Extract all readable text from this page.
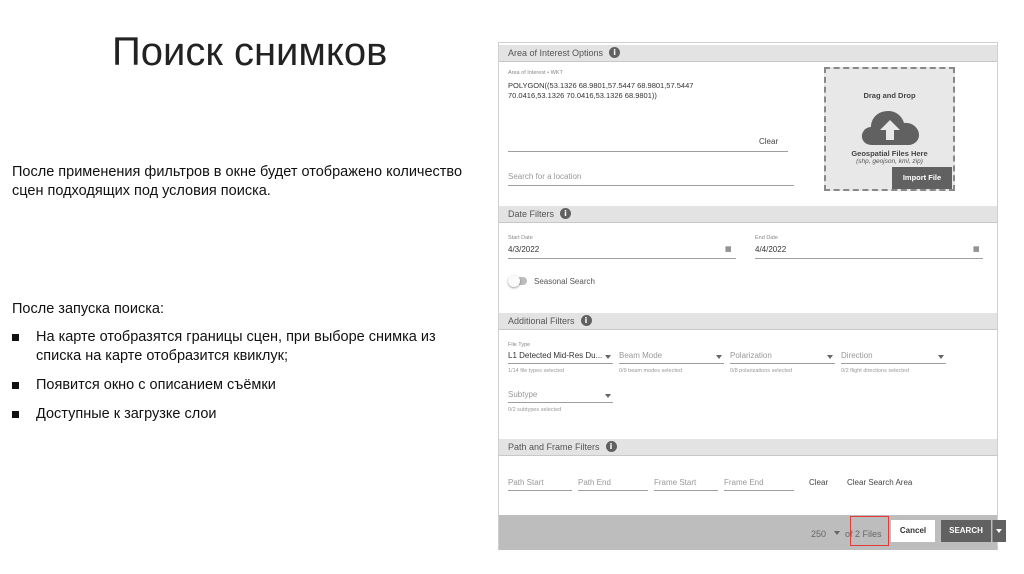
Поиск снимков

После применения фильтров в окне будет отображено количество сцен подходящих под условия поиска.

После запуска поиска:

На карте отобразятся границы сцен, при выборе снимка из списка на карте отобразится квиклук;
Появится окно с описанием съёмки
Доступные к загрузке слои
Area of Interest Options i
Area of Interest • WKT
POLYGON((53.1326 68.9801,57.5447 68.9801,57.5447 70.0416,53.1326 70.0416,53.1326 68.9801))
Clear
Search for a location
Drag and Drop
Geospatial Files Here
(shp, geojson, kml, zip)
Import File
Date Filters i
Start Date
4/3/2022	▦
End Date
4/4/2022	▦
Seasonal Search
Additional Filters i
File Type
L1 Detected Mid-Res Du...
1/14 file types selected
Beam Mode
0/9 beam modes selected
Polarization
0/8 polarizations selected
Direction
0/2 flight directions selected
Subtype
0/2 subtypes selected
Path and Frame Filters i
Path Start	Path End	Frame Start	Frame End	Clear Clear Search Area
250 of 2 Files	Cancel	SEARCH
